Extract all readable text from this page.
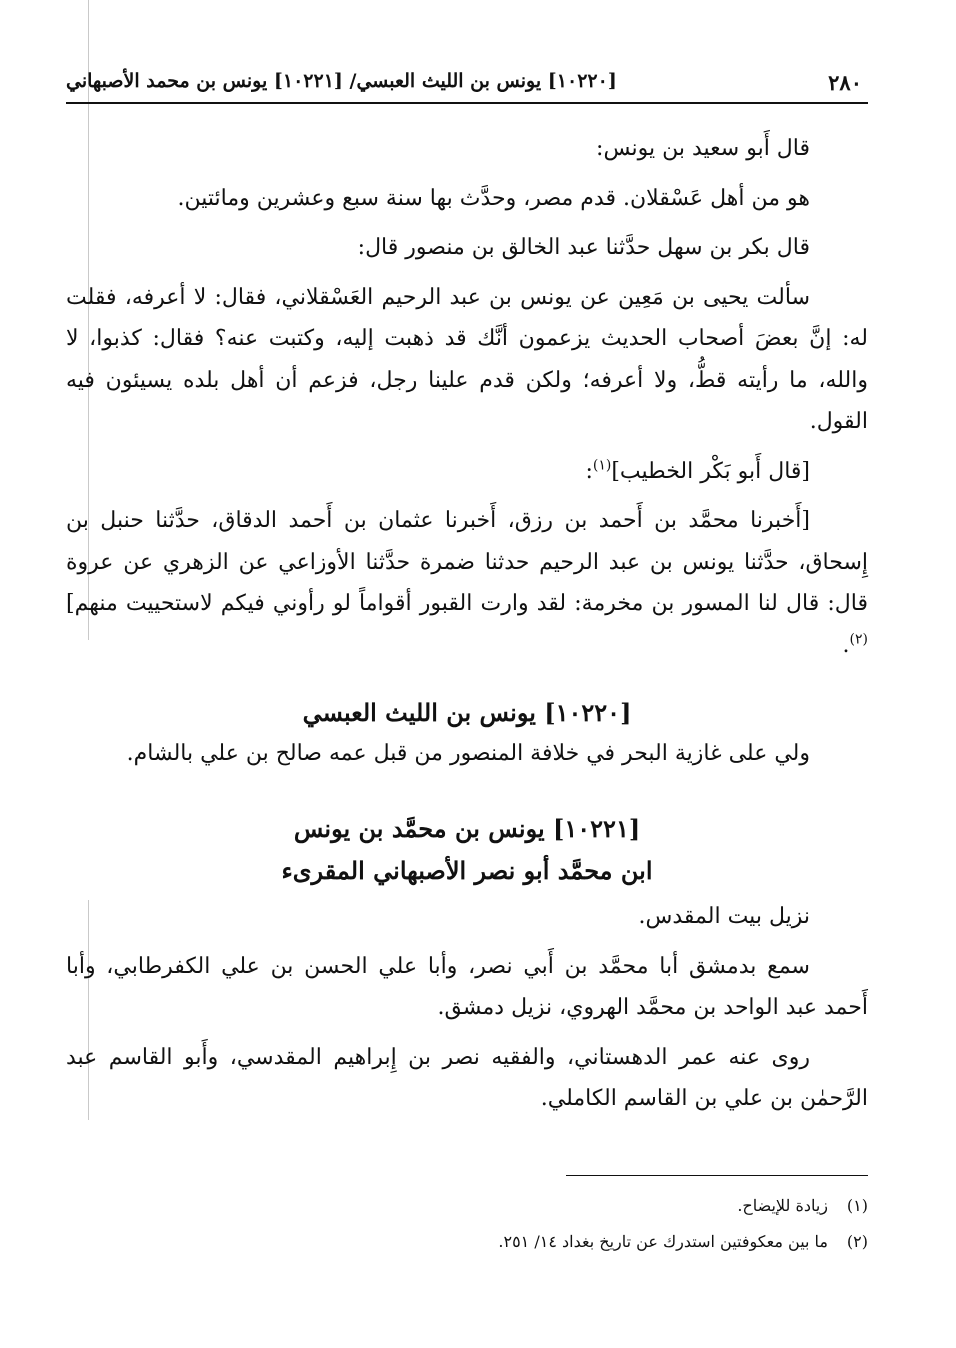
٢٨٠
[١٠٢٢٠] يونس بن الليث العبسي/ [١٠٢٢١] يونس بن محمد الأصبهاني

قال أَبو سعيد بن يونس:

هو من أهل عَسْقلان. قدم مصر، وحدَّث بها سنة سبع وعشرين ومائتين.

قال بكر بن سهل حدَّثنا عبد الخالق بن منصور قال:

سألت يحيى بن مَعِين عن يونس بن عبد الرحيم العَسْقلاني، فقال: لا أعرفه، فقلت له: إنَّ بعضَ أصحاب الحديث يزعمون أنَّك قد ذهبت إليه، وكتبت عنه؟ فقال: كذبوا، لا والله، ما رأيته قطُّ، ولا أعرفه؛ ولكن قدم علينا رجل، فزعم أن أهل بلده يسيئون فيه القول.

[قال أَبو بَكْر الخطيب]$^{(١)}$:

[أَخبرنا محمَّد بن أَحمد بن رزق، أَخبرنا عثمان بن أَحمد الدقاق، حدَّثنا حنبل بن إِسحاق، حدَّثنا يونس بن عبد الرحيم حدثنا ضمرة حدَّثنا الأوزاعي عن الزهري عن عروة قال: قال لنا المسور بن مخرمة: لقد وارت القبور أقواماً لو رأوني فيكم لاستحييت منهم]$^{(٢)}$.

[١٠٢٢٠] يونس بن الليث العبسي

ولي على غازية البحر في خلافة المنصور من قبل عمه صالح بن علي بالشام.

[١٠٢٢١] يونس بن محمَّد بن يونس

ابن محمَّد أبو نصر الأصبهاني المقرىء

نزيل بيت المقدس.

سمع بدمشق أبا محمَّد بن أَبي نصر، وأبا علي الحسن بن علي الكفرطابي، وأبا أَحمد عبد الواحد بن محمَّد الهروي، نزيل دمشق.

روى عنه عمر الدهستاني، والفقيه نصر بن إِبراهيم المقدسي، وأَبو القاسم عبد الرَّحمٰن بن علي بن القاسم الكاملي.

(١)زيادة للإيضاح.

(٢)ما بين معكوفتين استدرك عن تاريخ بغداد ١٤/ ٢٥١.
